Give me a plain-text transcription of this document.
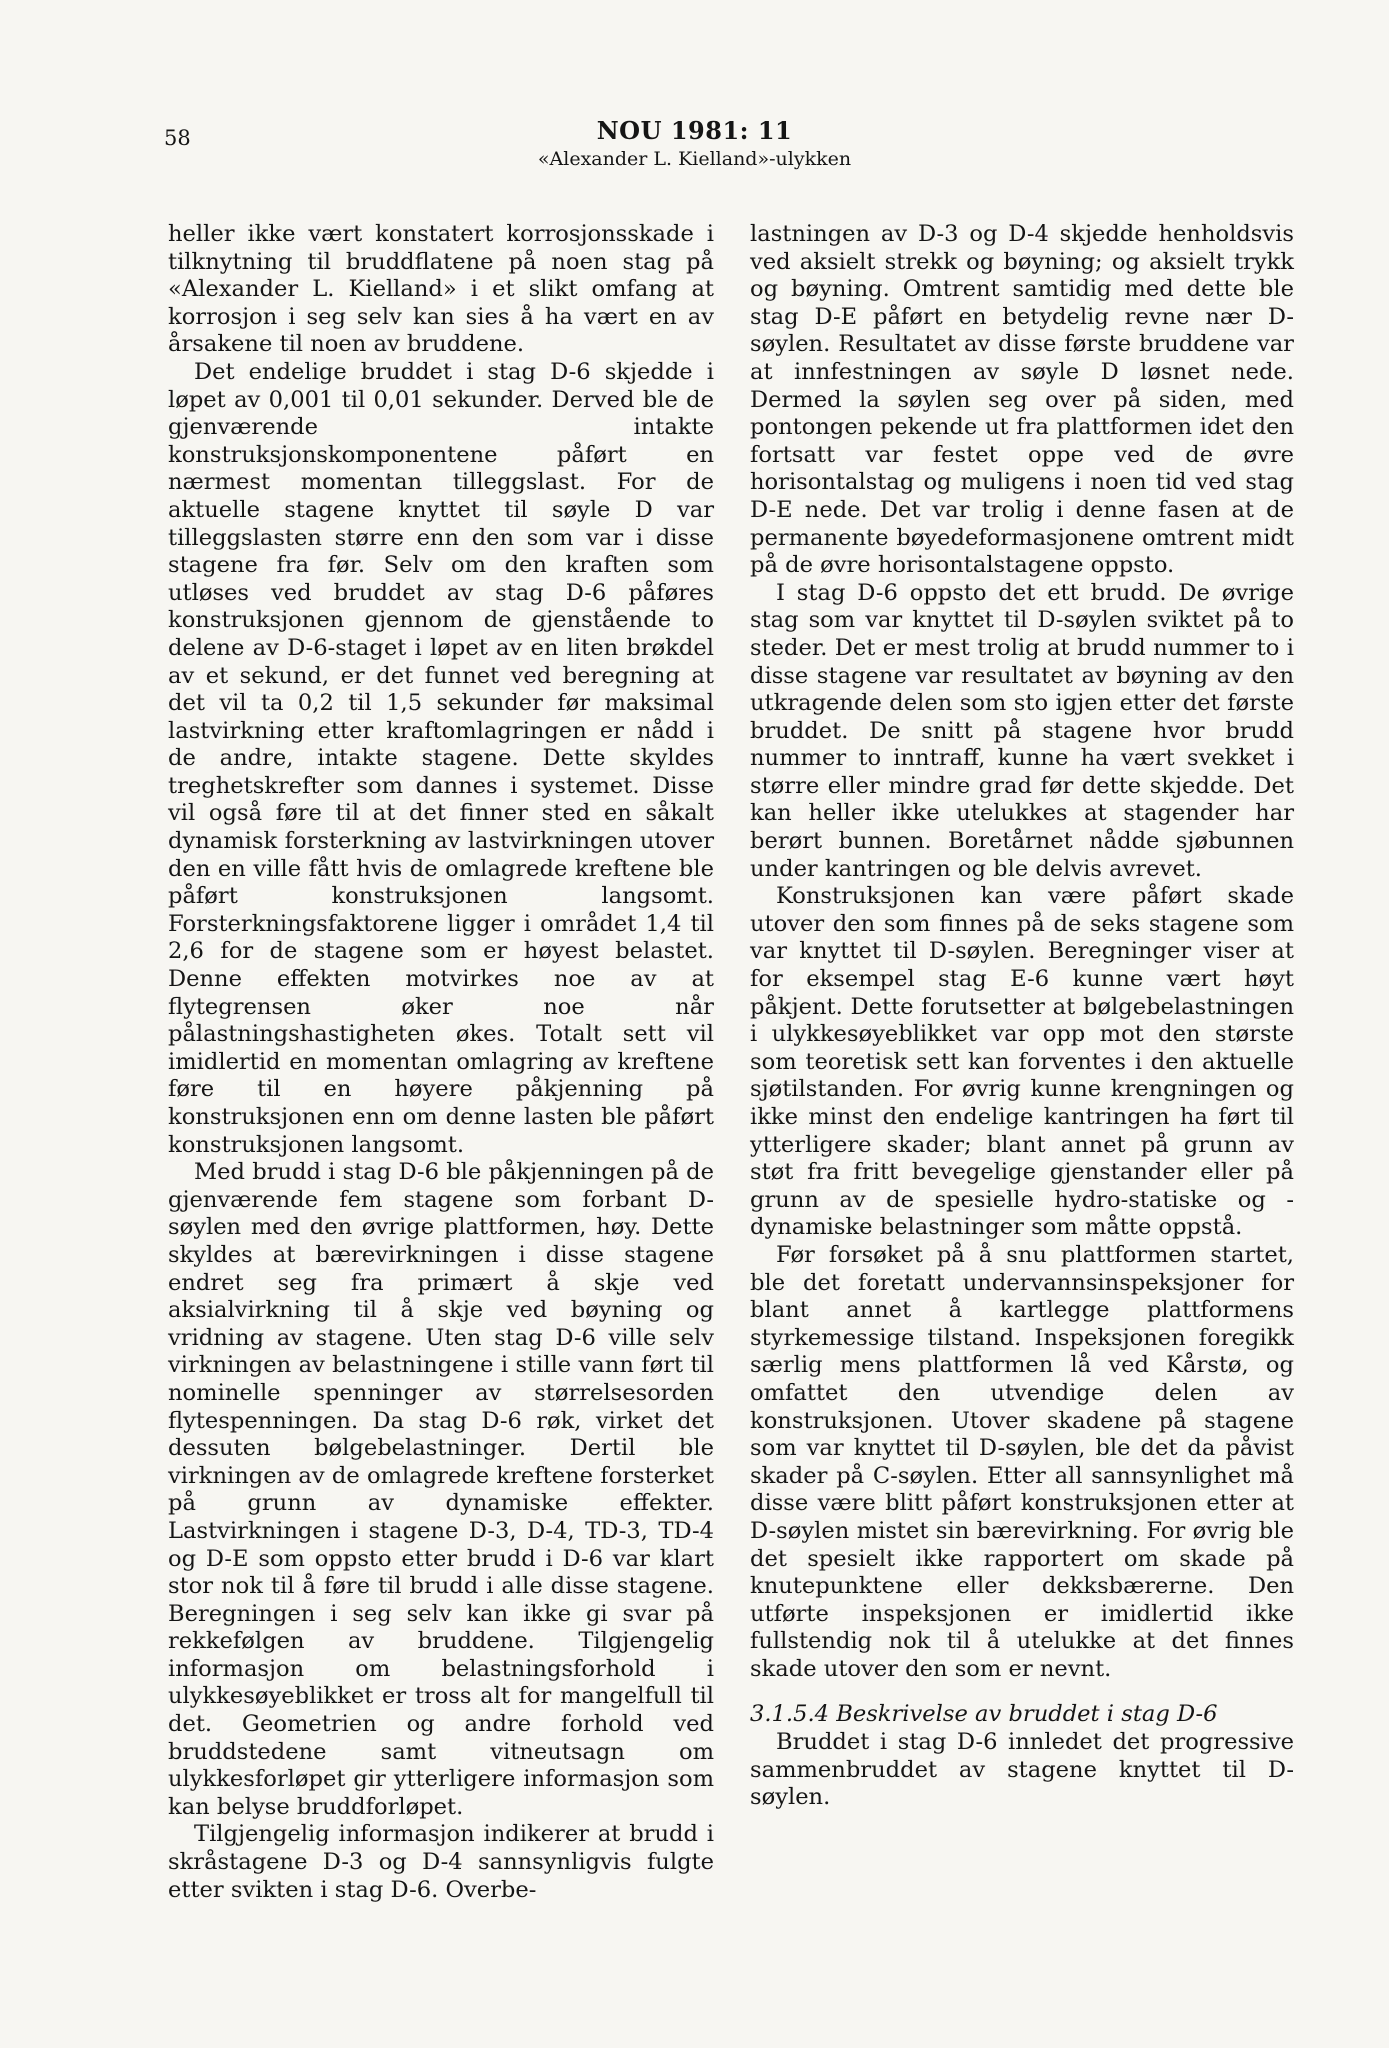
58	NOU 1981: 11
«Alexander L. Kielland»-ulykken

heller ikke vært konstatert korrosjonsskade i tilknytning til bruddflatene på noen stag på «Alexander L. Kielland» i et slikt omfang at korrosjon i seg selv kan sies å ha vært en av årsakene til noen av bruddene.

Det endelige bruddet i stag D-6 skjedde i løpet av 0,001 til 0,01 sekunder. Derved ble de gjenværende intakte konstruksjonskomponentene påført en nærmest momentan tilleggslast. For de aktuelle stagene knyttet til søyle D var tilleggslasten større enn den som var i disse stagene fra før. Selv om den kraften som utløses ved bruddet av stag D-6 påføres konstruksjonen gjennom de gjenstående to delene av D-6-staget i løpet av en liten brøkdel av et sekund, er det funnet ved beregning at det vil ta 0,2 til 1,5 sekunder før maksimal lastvirkning etter kraftomlagringen er nådd i de andre, intakte stagene. Dette skyldes treghetskrefter som dannes i systemet. Disse vil også føre til at det finner sted en såkalt dynamisk forsterkning av lastvirkningen utover den en ville fått hvis de omlagrede kreftene ble påført konstruksjonen langsomt. Forsterkningsfaktorene ligger i området 1,4 til 2,6 for de stagene som er høyest belastet. Denne effekten motvirkes noe av at flytegrensen øker noe når pålastningshastigheten økes. Totalt sett vil imidlertid en momentan omlagring av kreftene føre til en høyere påkjenning på konstruksjonen enn om denne lasten ble påført konstruksjonen langsomt.

Med brudd i stag D-6 ble påkjenningen på de gjenværende fem stagene som forbant D-søylen med den øvrige plattformen, høy. Dette skyldes at bærevirkningen i disse stagene endret seg fra primært å skje ved aksialvirkning til å skje ved bøyning og vridning av stagene. Uten stag D-6 ville selv virkningen av belastningene i stille vann ført til nominelle spenninger av størrelsesorden flytespenningen. Da stag D-6 røk, virket det dessuten bølgebelastninger. Dertil ble virkningen av de omlagrede kreftene forsterket på grunn av dynamiske effekter. Lastvirkningen i stagene D-3, D-4, TD-3, TD-4 og D-E som oppsto etter brudd i D-6 var klart stor nok til å føre til brudd i alle disse stagene. Beregningen i seg selv kan ikke gi svar på rekkefølgen av bruddene. Tilgjengelig informasjon om belastningsforhold i ulykkesøyeblikket er tross alt for mangelfull til det. Geometrien og andre forhold ved bruddstedene samt vitneutsagn om ulykkesforløpet gir ytterligere informasjon som kan belyse bruddforløpet.

Tilgjengelig informasjon indikerer at brudd i skråstagene D-3 og D-4 sannsynligvis fulgte etter svikten i stag D-6. Overbe-

lastningen av D-3 og D-4 skjedde henholdsvis ved aksielt strekk og bøyning; og aksielt trykk og bøyning. Omtrent samtidig med dette ble stag D-E påført en betydelig revne nær D-søylen. Resultatet av disse første bruddene var at innfestningen av søyle D løsnet nede. Dermed la søylen seg over på siden, med pontongen pekende ut fra plattformen idet den fortsatt var festet oppe ved de øvre horisontalstag og muligens i noen tid ved stag D-E nede. Det var trolig i denne fasen at de permanente bøyedeformasjonene omtrent midt på de øvre horisontalstagene oppsto.

I stag D-6 oppsto det ett brudd. De øvrige stag som var knyttet til D-søylen sviktet på to steder. Det er mest trolig at brudd nummer to i disse stagene var resultatet av bøyning av den utkragende delen som sto igjen etter det første bruddet. De snitt på stagene hvor brudd nummer to inntraff, kunne ha vært svekket i større eller mindre grad før dette skjedde. Det kan heller ikke utelukkes at stagender har berørt bunnen. Boretårnet nådde sjøbunnen under kantringen og ble delvis avrevet.

Konstruksjonen kan være påført skade utover den som finnes på de seks stagene som var knyttet til D-søylen. Beregninger viser at for eksempel stag E-6 kunne vært høyt påkjent. Dette forutsetter at bølgebelastningen i ulykkesøyeblikket var opp mot den største som teoretisk sett kan forventes i den aktuelle sjøtilstanden. For øvrig kunne krengningen og ikke minst den endelige kantringen ha ført til ytterligere skader; blant annet på grunn av støt fra fritt bevegelige gjenstander eller på grunn av de spesielle hydro-statiske og -dynamiske belastninger som måtte oppstå.

Før forsøket på å snu plattformen startet, ble det foretatt undervannsinspeksjoner for blant annet å kartlegge plattformens styrkemessige tilstand. Inspeksjonen foregikk særlig mens plattformen lå ved Kårstø, og omfattet den utvendige delen av konstruksjonen. Utover skadene på stagene som var knyttet til D-søylen, ble det da påvist skader på C-søylen. Etter all sannsynlighet må disse være blitt påført konstruksjonen etter at D-søylen mistet sin bærevirkning. For øvrig ble det spesielt ikke rapportert om skade på knutepunktene eller dekksbærerne. Den utførte inspeksjonen er imidlertid ikke fullstendig nok til å utelukke at det finnes skade utover den som er nevnt.

3.1.5.4 Beskrivelse av bruddet i stag D-6

Bruddet i stag D-6 innledet det progressive sammenbruddet av stagene knyttet til D-søylen.
